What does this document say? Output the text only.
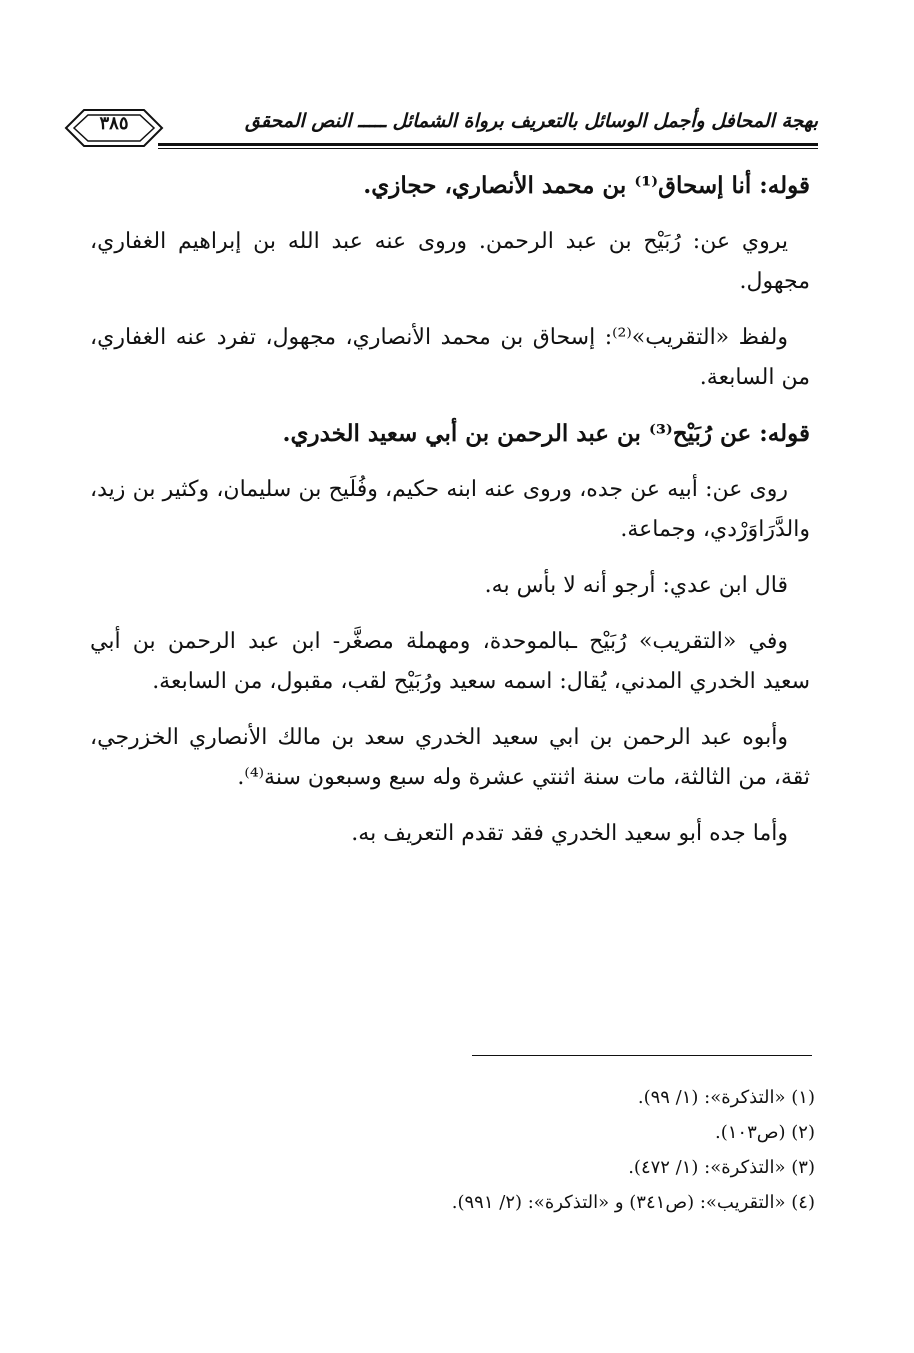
بهجة المحافل وأجمل الوسائل بالتعريف برواة الشمائل ـــــ النص المحقق
٣٨٥

قوله: أنا إسحاق⁽¹⁾ بن محمد الأنصاري، حجازي.

يروي عن: رُبَيْح بن عبد الرحمن. وروى عنه عبد الله بن إبراهيم الغفاري، مجهول.

ولفظ «التقريب»⁽²⁾: إسحاق بن محمد الأنصاري، مجهول، تفرد عنه الغفاري، من السابعة.

قوله: عن رُبَيْح⁽³⁾ بن عبد الرحمن بن أبي سعيد الخدري.

روى عن: أبيه عن جده، وروى عنه ابنه حكيم، وفُلَيح بن سليمان، وكثير بن زيد، والدَّرَاوَرْدي، وجماعة.

قال ابن عدي: أرجو أنه لا بأس به.

وفي «التقريب» رُبَيْح ـبالموحدة، ومهملة مصغَّر- ابن عبد الرحمن بن أبي سعيد الخدري المدني، يُقال: اسمه سعيد ورُبَيْح لقب، مقبول، من السابعة.

وأبوه عبد الرحمن بن ابي سعيد الخدري سعد بن مالك الأنصاري الخزرجي، ثقة، من الثالثة، مات سنة اثنتي عشرة وله سبع وسبعون سنة⁽⁴⁾.

وأما جده أبو سعيد الخدري فقد تقدم التعريف به.

(١) «التذكرة»: (١/ ٩٩).
(٢) (ص١٠٣).
(٣) «التذكرة»: (١/ ٤٧٢).
(٤) «التقريب»: (ص٣٤١) و «التذكرة»: (٢/ ٩٩١).
